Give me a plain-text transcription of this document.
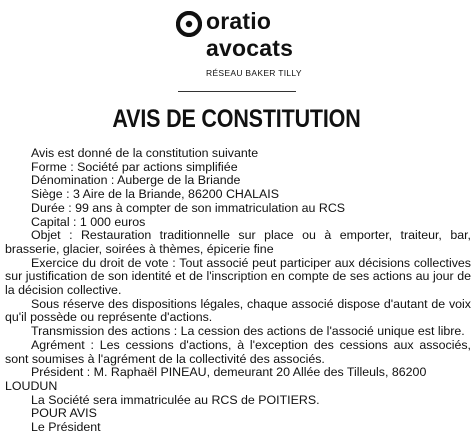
oratio
avocats
RÉSEAU BAKER TILLY
AVIS DE CONSTITUTION

Avis est donné de la constitution suivante

Forme : Société par actions simplifiée

Dénomination : Auberge de la Briande

Siège : 3 Aire de la Briande, 86200 CHALAIS

Durée : 99 ans à compter de son immatriculation au RCS

Capital : 1 000 euros

Objet : Restauration traditionnelle sur place ou à emporter, traiteur, bar, brasserie, glacier, soirées à thèmes, épicerie fine

Exercice du droit de vote : Tout associé peut participer aux décisions collectives sur justification de son identité et de l'inscription en compte de ses actions au jour de la décision collective.

Sous réserve des dispositions légales, chaque associé dispose d'autant de voix qu'il possède ou représente d'actions.

Transmission des actions : La cession des actions de l'associé unique est libre.

Agrément : Les cessions d'actions, à l'exception des cessions aux associés, sont soumises à l'agrément de la collectivité des associés.

Président : M. Raphaël PINEAU, demeurant 20 Allée des Tilleuls, 86200 LOUDUN

La Société sera immatriculée au RCS de POITIERS.

POUR AVIS

Le Président
